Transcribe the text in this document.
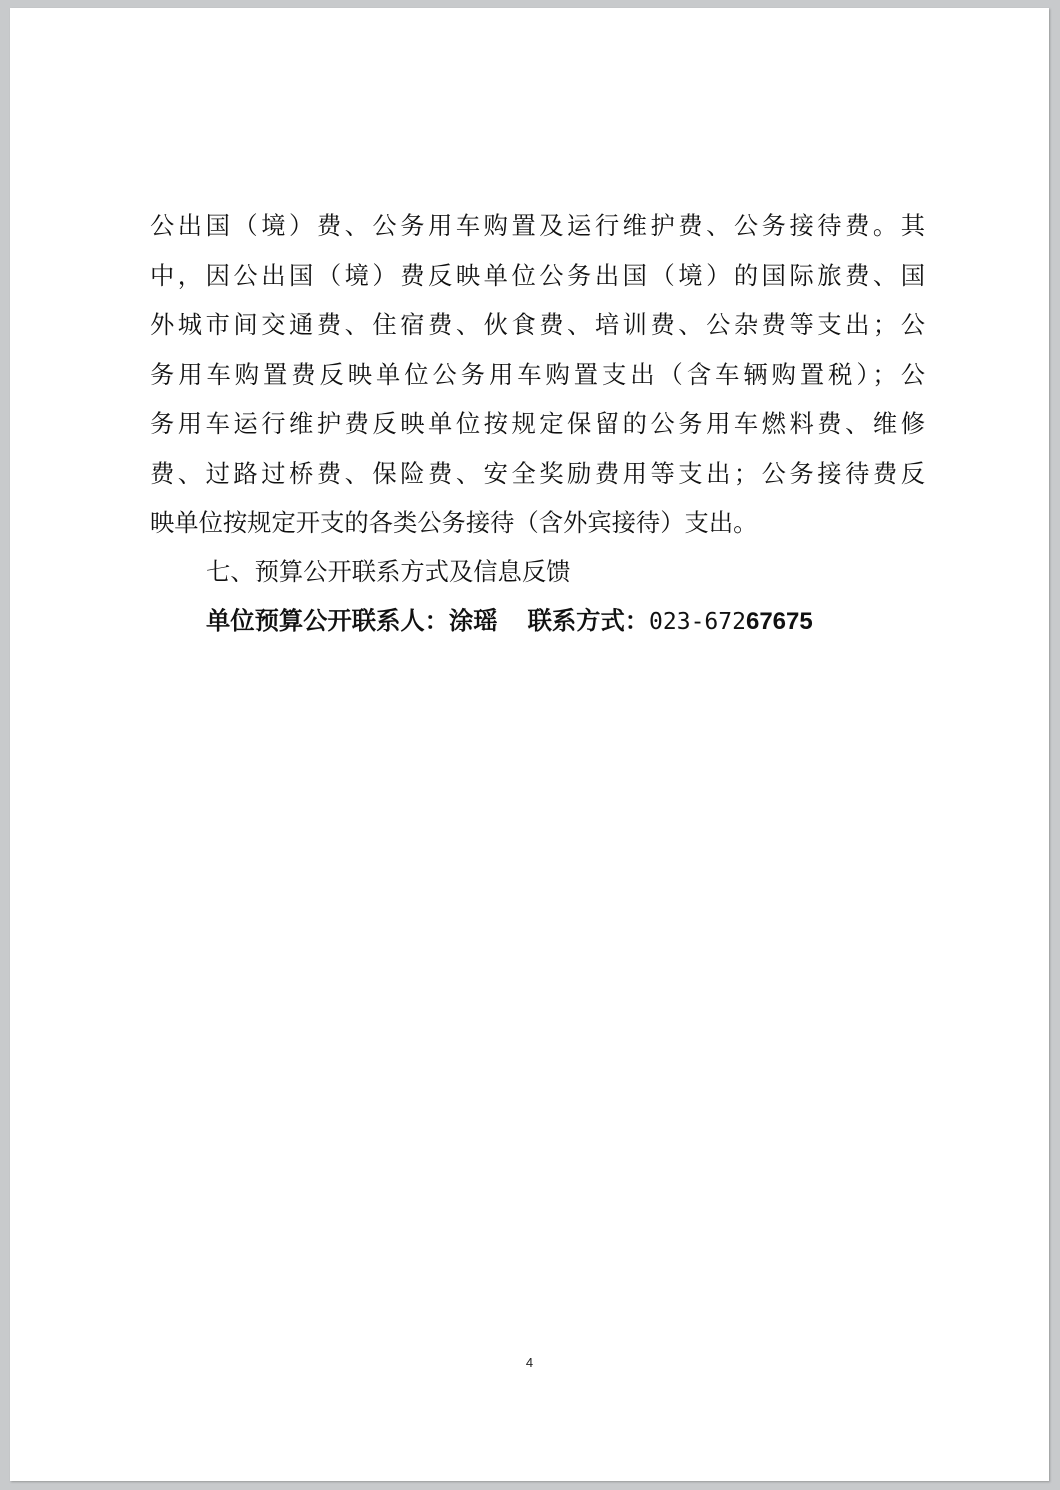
公出国（境）费、公务用车购置及运行维护费、公务接待费。其
中，因公出国（境）费反映单位公务出国（境）的国际旅费、国
外城市间交通费、住宿费、伙食费、培训费、公杂费等支出；公
务用车购置费反映单位公务用车购置支出（含车辆购置税）；公
务用车运行维护费反映单位按规定保留的公务用车燃料费、维修
费、过路过桥费、保险费、安全奖励费用等支出；公务接待费反
映单位按规定开支的各类公务接待（含外宾接待）支出。
七、预算公开联系方式及信息反馈
单位预算公开联系人：涂瑶 联系方式：023-67267675
4
